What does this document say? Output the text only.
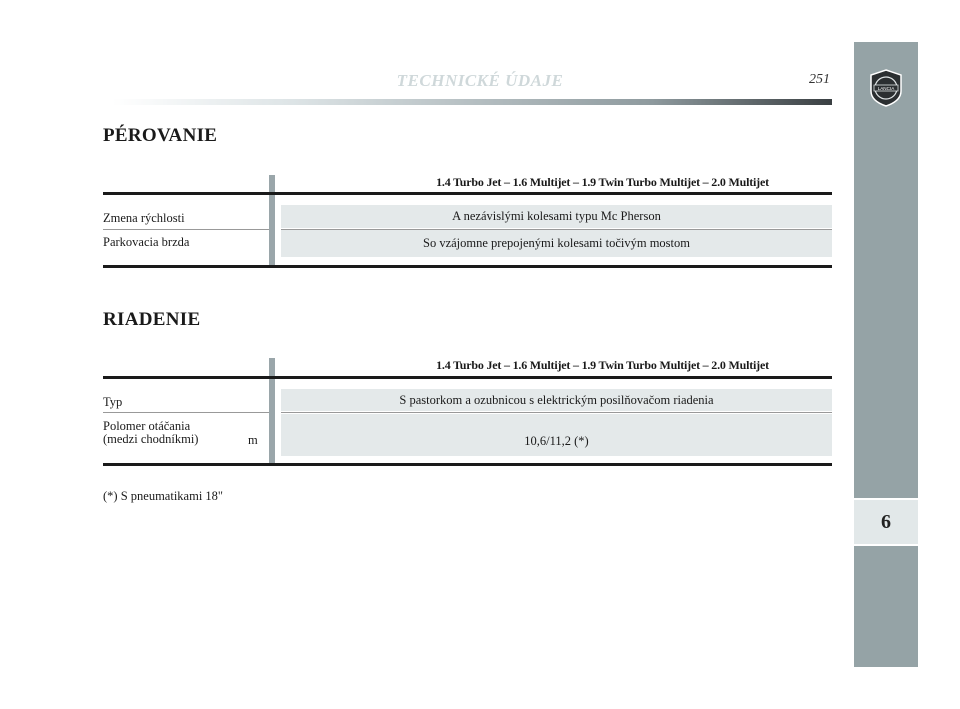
TECHNICKÉ ÚDAJE	251
6
LANCIA
PÉROVANIE
1.4 Turbo Jet – 1.6 Multijet – 1.9 Twin Turbo Multijet – 2.0 Multijet
Zmena rýchlosti	A nezávislými kolesami typu Mc Pherson
Parkovacia brzda	So vzájomne prepojenými kolesami točivým mostom
RIADENIE
1.4 Turbo Jet – 1.6 Multijet – 1.9 Twin Turbo Multijet – 2.0 Multijet
Typ	S pastorkom a ozubnicou s elektrickým posilňovačom riadenia
Polomer otáčania
(medzi chodníkmi)	m	10,6/11,2 (*)
(*) S pneumatikami 18"
